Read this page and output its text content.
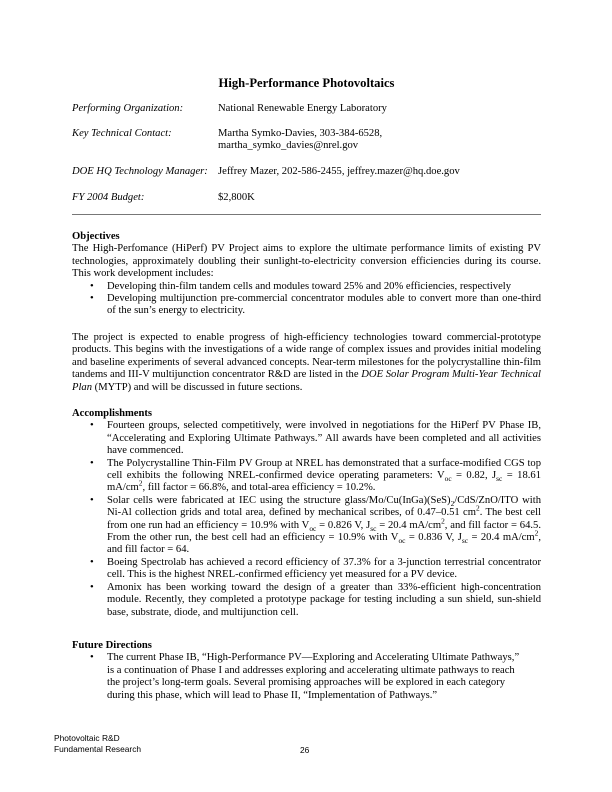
High-Performance Photovoltaics
Performing Organization:	National Renewable Energy Laboratory
Key Technical Contact:	Martha Symko-Davies, 303-384-6528,
martha_symko_davies@nrel.gov
DOE HQ Technology Manager: Jeffrey Mazer, 202-586-2455, jeffrey.mazer@hq.doe.gov
FY 2004 Budget:	$2,800K
Objectives

The High-Perfomance (HiPerf) PV Project aims to explore the ultimate performance limits of existing PV technologies, approximately doubling their sunlight-to-electricity conversion efficiencies during its course. This work development includes:

• Developing thin-film tandem cells and modules toward 25% and 20% efficiencies, respectively
• Developing multijunction pre-commercial concentrator modules able to convert more than one-third of the sun’s energy to electricity.

The project is expected to enable progress of high-efficiency technologies toward commercial-prototype products. This begins with the investigations of a wide range of complex issues and provides initial modeling and baseline experiments of several advanced concepts. Near-term milestones for the polycrystalline thin-film tandems and III-V multijunction concentrator R&D are listed in the DOE Solar Program Multi-Year Technical Plan (MYTP) and will be discussed in future sections.

Accomplishments
• Fourteen groups, selected competitively, were involved in negotiations for the HiPerf PV Phase IB, “Accelerating and Exploring Ultimate Pathways.” All awards have been completed and all activities have commenced.
• The Polycrystalline Thin-Film PV Group at NREL has demonstrated that a surface-modified CGS top cell exhibits the following NREL-confirmed device operating parameters: $V_{oc} = 0.82$, $J_{sc} = 18.61$ $mA/cm^2$, fill factor = 66.8%, and total-area efficiency = 10.2%.
• Solar cells were fabricated at IEC using the structure glass/$Mo/Cu(InGa)(SeS)_2/CdS/ZnO$/ITO with Ni-Al collection grids and total area, defined by mechanical scribes, of 0.47–0.51 $cm^2$. The best cell from one run had an efficiency = 10.9% with $V_{oc} = 0.826$ V, $J_{sc} = 20.4$ $mA/cm^2$, and fill factor = 64.5. From the other run, the best cell had an efficiency = 10.9% with $V_{oc} = 0.836$ V, $J_{sc} = 20.4$ $mA/cm^2$, and fill factor = 64.
• Boeing Spectrolab has achieved a record efficiency of 37.3% for a 3-junction terrestrial concentrator cell. This is the highest NREL-confirmed efficiency yet measured for a PV device.
• Amonix has been working toward the design of a greater than 33%-efficient high-concentration module. Recently, they completed a prototype package for testing including a sun shield, sun-shield base, substrate, diode, and multijunction cell.
Future Directions
• The current Phase IB, “High-Performance PV—Exploring and Accelerating Ultimate Pathways,”
is a continuation of Phase I and addresses exploring and accelerating ultimate pathways to reach
the project’s long-term goals. Several promising approaches will be explored in each category
during this phase, which will lead to Phase II, “Implementation of Pathways.”
Photovoltaic R&D
Fundamental Research	26
